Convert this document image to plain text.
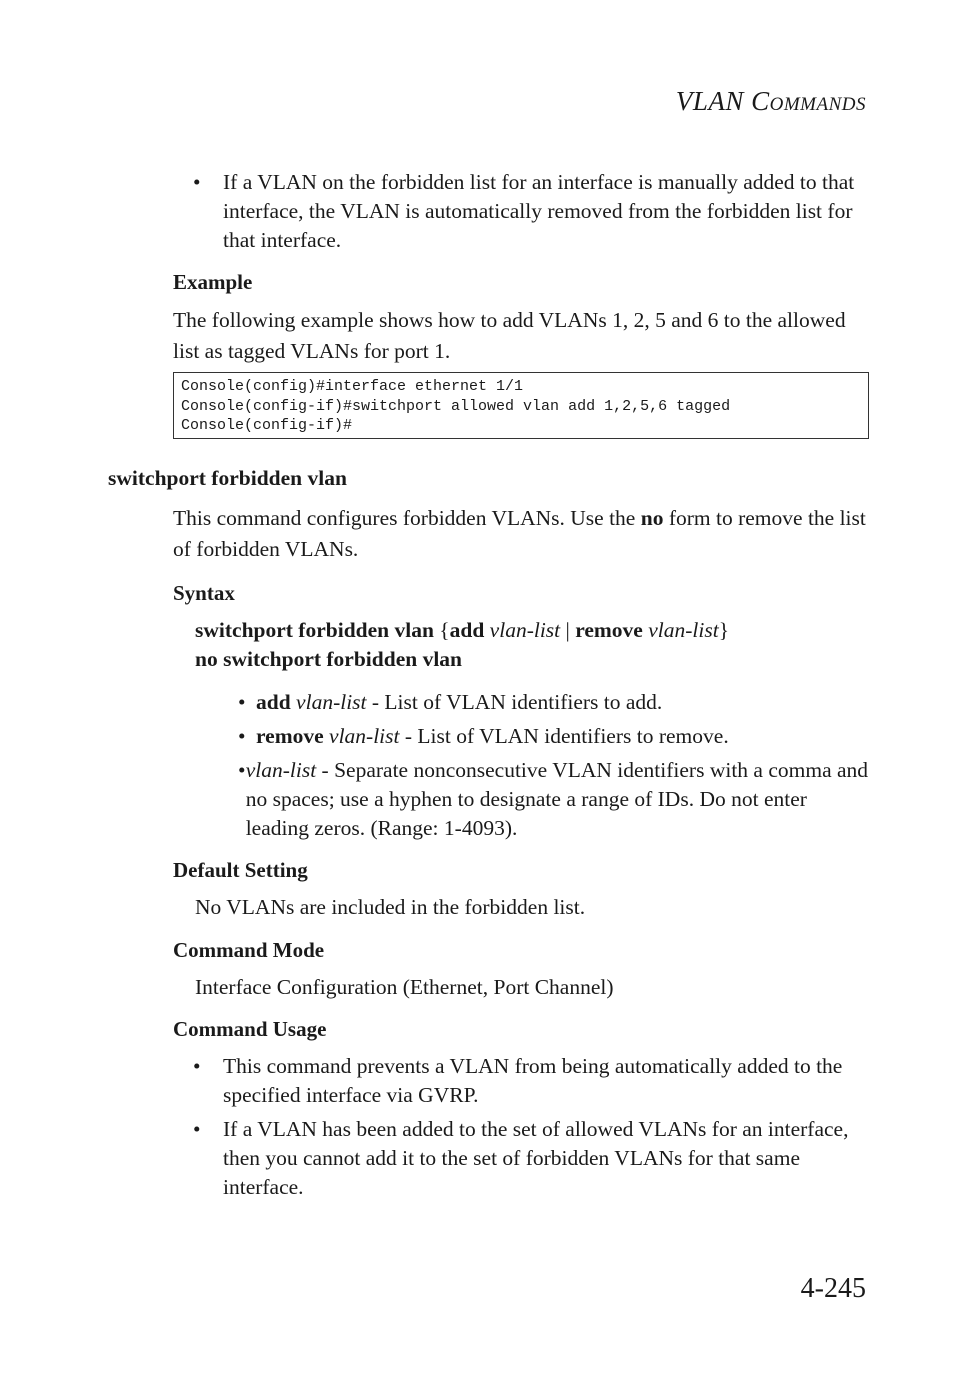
VLAN COMMANDS
•	If a VLAN on the forbidden list for an interface is manually added to that interface, the VLAN is automatically removed from the forbidden list for that interface.
Example
The following example shows how to add VLANs 1, 2, 5 and 6 to the allowed list as tagged VLANs for port 1.
Console(config)#interface ethernet 1/1
Console(config-if)#switchport allowed vlan add 1,2,5,6 tagged
Console(config-if)#
switchport forbidden vlan
This command configures forbidden VLANs. Use the no form to remove the list of forbidden VLANs.
Syntax
switchport forbidden vlan {add vlan-list | remove vlan-list}
no switchport forbidden vlan
• add vlan-list - List of VLAN identifiers to add.
• remove vlan-list - List of VLAN identifiers to remove.
• vlan-list - Separate nonconsecutive VLAN identifiers with a comma and no spaces; use a hyphen to designate a range of IDs. Do not enter leading zeros. (Range: 1-4093).
Default Setting
No VLANs are included in the forbidden list.
Command Mode
Interface Configuration (Ethernet, Port Channel)
Command Usage
•	This command prevents a VLAN from being automatically added to the specified interface via GVRP.
•	If a VLAN has been added to the set of allowed VLANs for an interface, then you cannot add it to the set of forbidden VLANs for that same interface.
4-245
